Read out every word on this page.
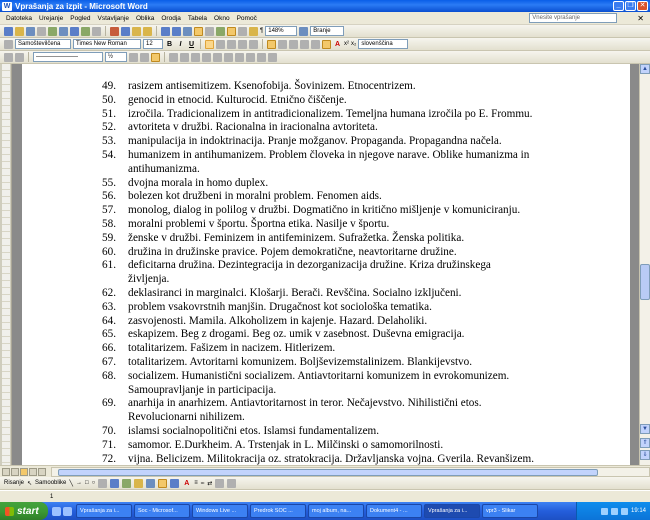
W Vprašanja za izpit - Microsoft Word	_ ❐ ✕
Datoteka Urejanje Pogled Vstavljanje Oblika Orodja Tabela Okno Pomoč	Vnesite vprašanje	✕
¶ 148%	Branje
Samoštevilčena	Times New Roman	12	B	I	U	A x² x₂ slovenščina
———————	½
49.	rasizem antisemitizem. Ksenofobija. Šovinizem. Etnocentrizem.
50.	genocid in etnocid. Kulturocid. Etnično čiščenje.
51.	izročila. Tradicionalizem in antitradicionalizem. Temeljna humana izročila po E. Frommu.
52.	avtoriteta v družbi. Racionalna in iracionalna avtoriteta.
53.	manipulacija in indoktrinacija. Pranje možganov. Propaganda. Propagandna načela.
54.	humanizem in antihumanizem. Problem človeka in njegove narave. Oblike humanizma in
antihumanizma.
55.	dvojna morala in homo duplex.
56.	bolezen kot družbeni in moralni problem. Fenomen aids.
57.	monolog, dialog in polilog v družbi. Dogmatično in kritično mišljenje v komuniciranju.
58.	moralni problemi v športu. Športna etika. Nasilje v športu.
59.	ženske v družbi. Feminizem in antifeminizem. Sufražetka. Ženska politika.
60.	družina in družinske pravice. Pojem demokratične, neavtoritarne družine.
61.	deficitarna družina. Dezintegracija in dezorganizacija družine. Kriza družinskega
življenja.
62.	deklasiranci in marginalci. Klošarji. Berači. Revščina. Socialno izključeni.
63.	problem vsakovrstnih manjšin. Drugačnost kot sociološka tematika.
64.	zasvojenosti. Mamila. Alkoholizem in kajenje. Hazard. Delaholiki.
65.	eskapizem. Beg z drogami. Beg oz. umik v zasebnost. Duševna emigracija.
66.	totalitarizem. Fašizem in nacizem. Hitlerizem.
67.	totalitarizem. Avtoritarni komunizem. Boljševizemstalinizem. Blankijevstvo.
68.	socializem. Humanistični socializem. Antiavtoritarni komunizem in evrokomunizem.
Samoupravljanje in participacija.
69.	anarhija in anarhizem. Antiavtoritarnost in teror. Nečajevstvo. Nihilistični etos.
Revolucionarni nihilizem.
70.	islamsi socialnopolitični etos. Islamsi fundamentalizem.
71.	samomor. E.Durkheim. A. Trstenjak in L. Milčinski o samomorilnosti.
72.	vijna. Belicizem. Militokracija oz. stratokracija. Državljanska vojna. Gverila. Revanšizem.
▲
▼
⇑
⇓
Risanje ↖ Samooblike ╲ → □ ○	A ≡ ┅ ⇄
1
start	Vprašanja za i...	Soc - Microsof...	Windows Live ...	Predrok SOC ...	moj album, na...	Dokument4 - ...	Vprašanja za i...	vpr3 - Slikar	19:14
